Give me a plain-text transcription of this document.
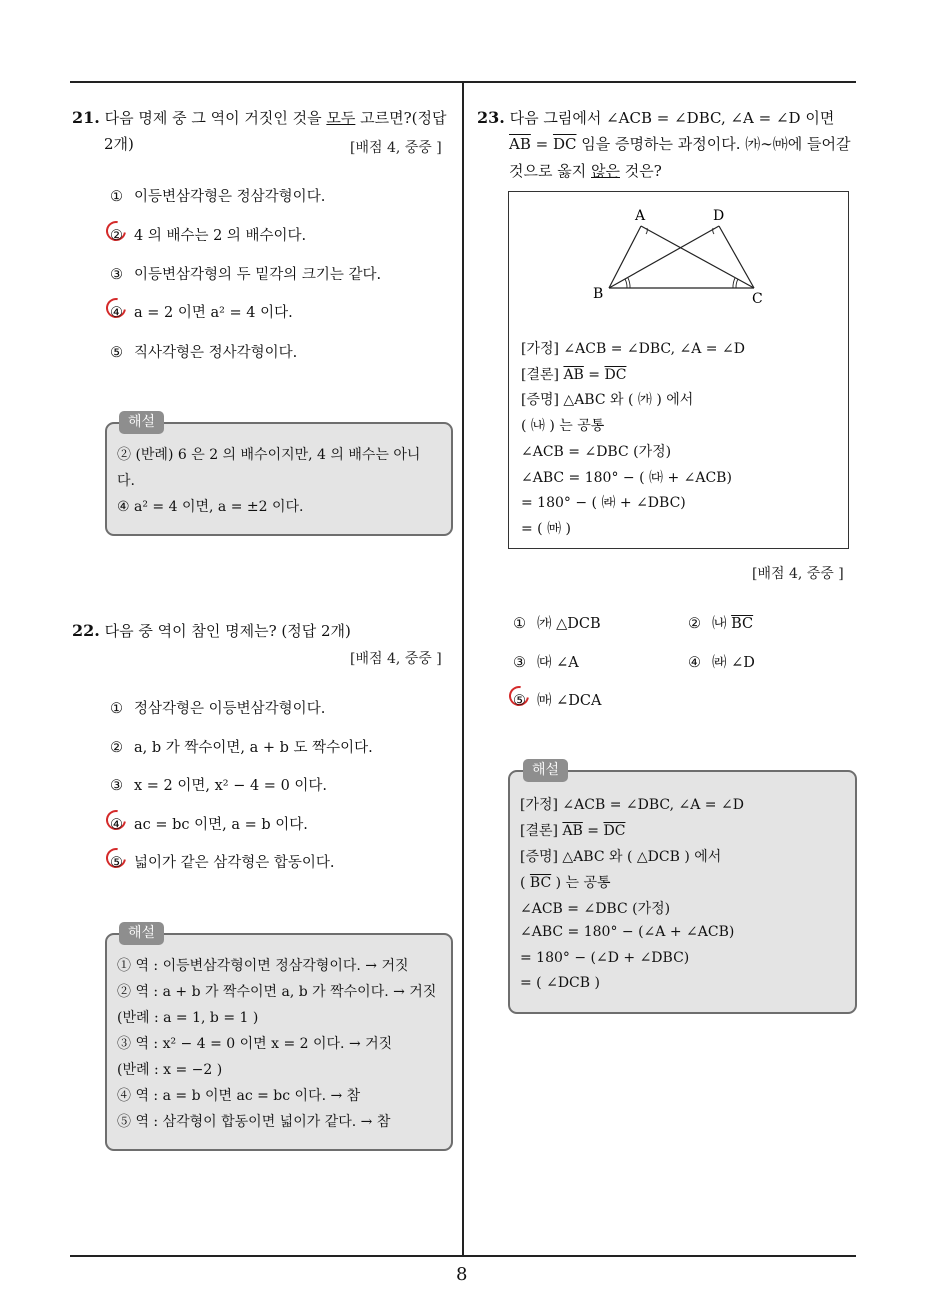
8
21. 다음 명제 중 그 역이 거짓인 것을 모두 고르면?(정답
2개)	[배점 4, 중중 ]
① 이등변삼각형은 정삼각형이다.
② 4 의 배수는 2 의 배수이다.
③ 이등변삼각형의 두 밑각의 크기는 같다.
④ a = 2 이면 a² = 4 이다.
⑤ 직사각형은 정사각형이다.
② (반례) 6 은 2 의 배수이지만, 4 의 배수는 아니
다.
④ a² = 4 이면, a = ±2 이다.
해설
22. 다음 중 역이 참인 명제는? (정답 2개)
[배점 4, 중중 ]
① 정삼각형은 이등변삼각형이다.
② a, b 가 짝수이면, a + b 도 짝수이다.
③ x = 2 이면, x² − 4 = 0 이다.
④ ac = bc 이면, a = b 이다.
⑤ 넓이가 같은 삼각형은 합동이다.
① 역 : 이등변삼각형이면 정삼각형이다. → 거짓
② 역 : a + b 가 짝수이면 a, b 가 짝수이다. → 거짓
(반례 : a = 1, b = 1 )
③ 역 : x² − 4 = 0 이면 x = 2 이다. → 거짓
(반례 : x = −2 )
④ 역 : a = b 이면 ac = bc 이다. → 참
⑤ 역 : 삼각형이 합동이면 넓이가 같다. → 참
해설
23. 다음 그림에서 ∠ACB = ∠DBC, ∠A = ∠D 이면
$\overline{AB} = \overline{DC}$ 임을 증명하는 과정이다. ㈎∼㈒에 들어갈
것으로 옳지 않은 것은?
A	D
B	C
[가정] ∠ACB = ∠DBC, ∠A = ∠D
[결론] $\overline{AB} = \overline{DC}$
[증명] △ABC 와 ( ㈎ ) 에서
( ㈏ ) 는 공통
∠ACB = ∠DBC (가정)
∠ABC = 180° − ( ㈐ + ∠ACB)
= 180° − ( ㈑ + ∠DBC)
= ( ㈒ )
[배점 4, 중중 ]
① ㈎ △DCB	② ㈏ $\overline{BC}$
③ ㈐ ∠A	④ ㈑ ∠D
⑤ ㈒ ∠DCA
[가정] ∠ACB = ∠DBC, ∠A = ∠D
[결론] $\overline{AB} = \overline{DC}$
[증명] △ABC 와 ( △DCB ) 에서
( $\overline{BC}$ ) 는 공통
∠ACB = ∠DBC (가정)
∠ABC = 180° − (∠A + ∠ACB)
= 180° − (∠D + ∠DBC)
= ( ∠DCB )
해설
